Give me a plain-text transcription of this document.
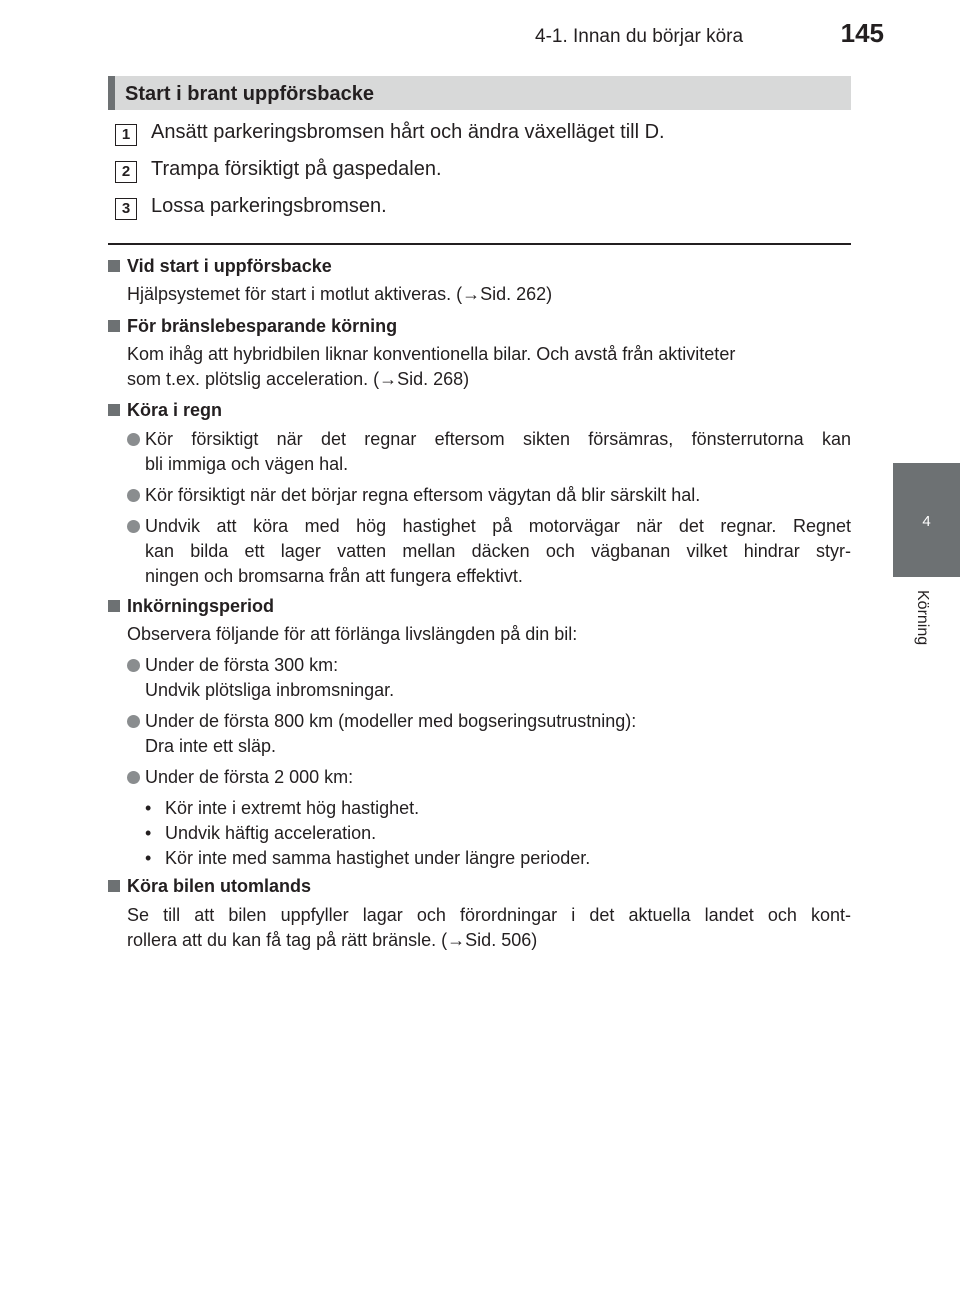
4-1. Innan du börjar köra	145
4
Körning
Start i brant uppförsbacke
1	Ansätt parkeringsbromsen hårt och ändra växelläget till D.
2	Trampa försiktigt på gaspedalen.
3	Lossa parkeringsbromsen.
Vid start i uppförsbacke
Hjälpsystemet för start i motlut aktiveras. (→Sid. 262)
För bränslebesparande körning
Kom ihåg att hybridbilen liknar konventionella bilar. Och avstå från aktiviteter
som t.ex. plötslig acceleration. (→Sid. 268)
Köra i regn
Kör försiktigt när det regnar eftersom sikten försämras, fönsterrutorna kan
bli immiga och vägen hal.
Kör försiktigt när det börjar regna eftersom vägytan då blir särskilt hal.
Undvik att köra med hög hastighet på motorvägar när det regnar. Regnet
kan bilda ett lager vatten mellan däcken och vägbanan vilket hindrar styr-
ningen och bromsarna från att fungera effektivt.
Inkörningsperiod
Observera följande för att förlänga livslängden på din bil:
Under de första 300 km:
Undvik plötsliga inbromsningar.
Under de första 800 km (modeller med bogseringsutrustning):
Dra inte ett släp.
Under de första 2 000 km:
• Kör inte i extremt hög hastighet.
• Undvik häftig acceleration.
• Kör inte med samma hastighet under längre perioder.
Köra bilen utomlands
Se till att bilen uppfyller lagar och förordningar i det aktuella landet och kont-
rollera att du kan få tag på rätt bränsle. (→Sid. 506)
